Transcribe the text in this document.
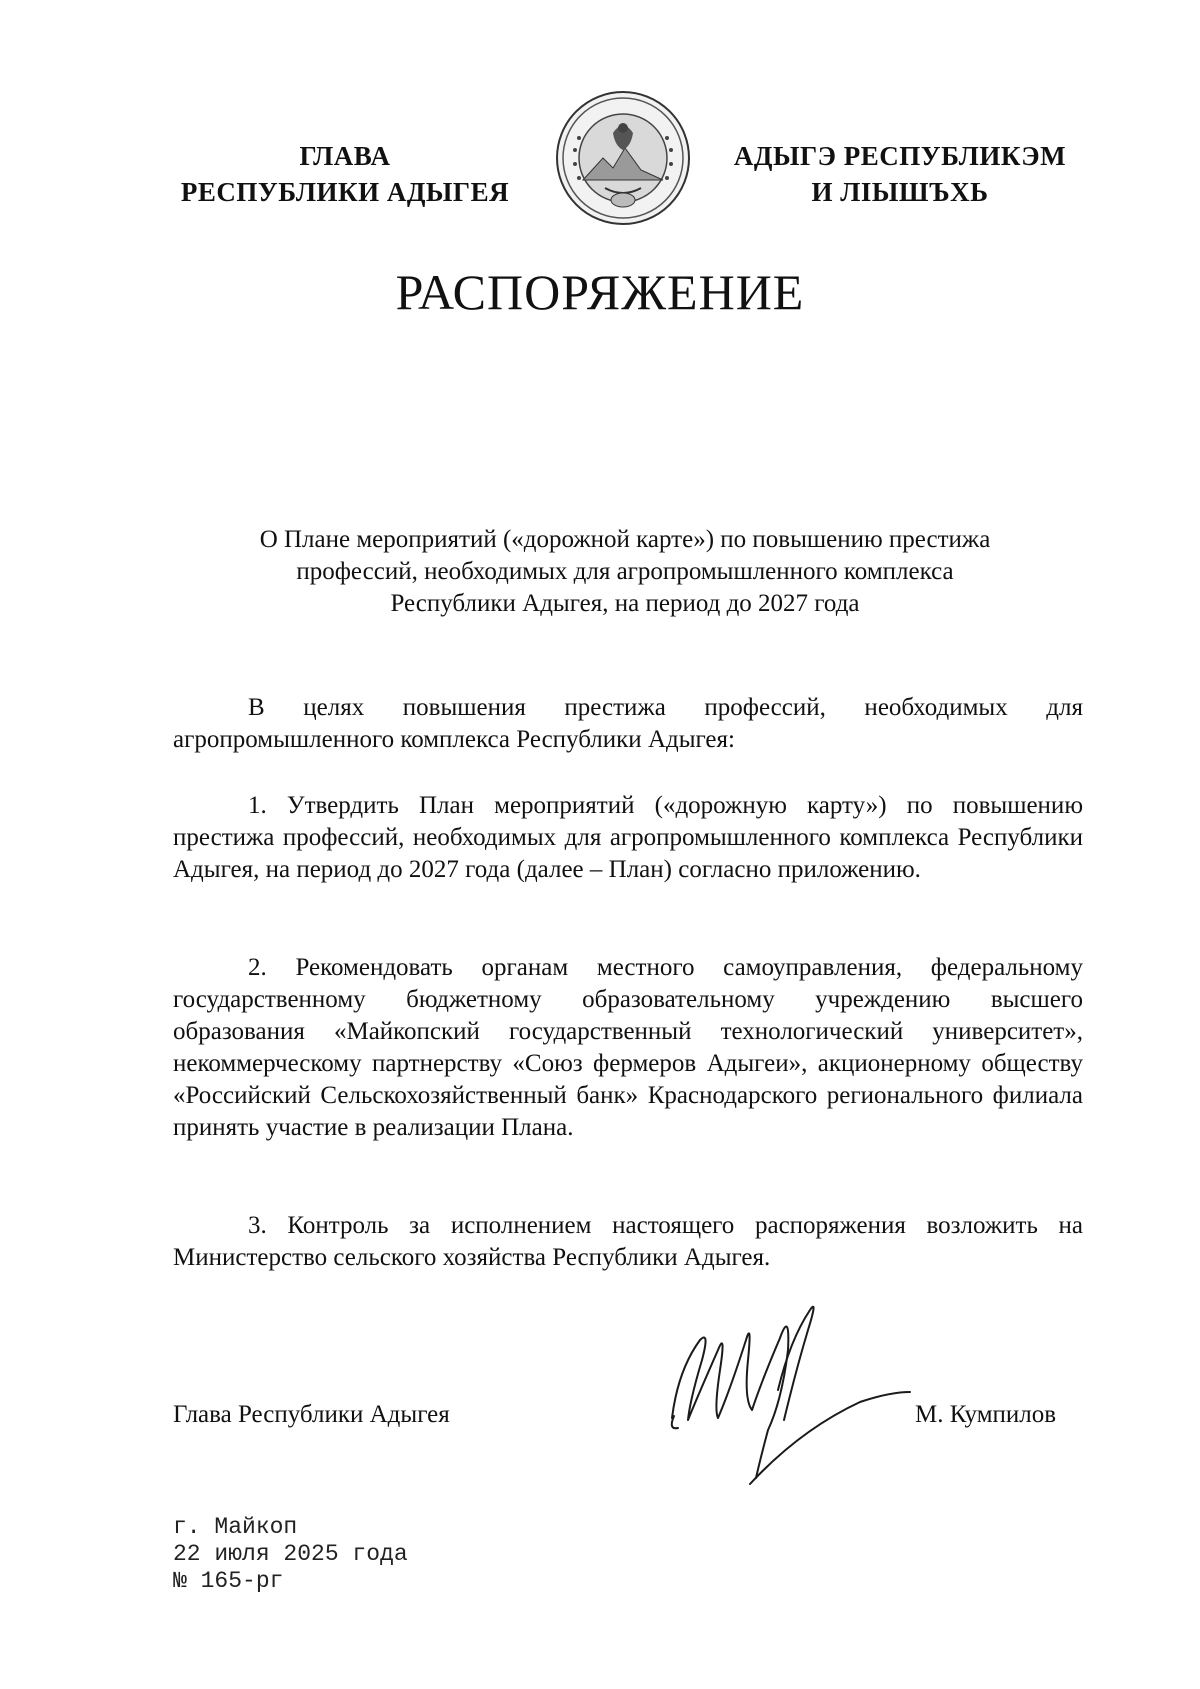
ГЛАВА
РЕСПУБЛИКИ АДЫГЕЯ
АДЫГЭ РЕСПУБЛИКЭМ
И ЛІЫШЪХЬ
РАСПОРЯЖЕНИЕ
О Плане мероприятий («дорожной карте») по повышению престижа
профессий, необходимых для агропромышленного комплекса
Республики Адыгея, на период до 2027 года
В целях повышения престижа профессий, необходимых для агропромышленного комплекса Республики Адыгея:
1. Утвердить План мероприятий («дорожную карту») по повышению престижа профессий, необходимых для агропромышленного комплекса Республики Адыгея, на период до 2027 года (далее – План) согласно приложению.
2. Рекомендовать органам местного самоуправления, федеральному государственному бюджетному образовательному учреждению высшего образования «Майкопский государственный технологический университет», некоммерческому партнерству «Союз фермеров Адыгеи», акционерному обществу «Российский Сельскохозяйственный банк» Краснодарского регионального филиала принять участие в реализации Плана.
3. Контроль за исполнением настоящего распоряжения возложить на Министерство сельского хозяйства Республики Адыгея.
Глава Республики Адыгея	М. Кумпилов
г. Майкоп
22 июля 2025 года
№ 165-рг
